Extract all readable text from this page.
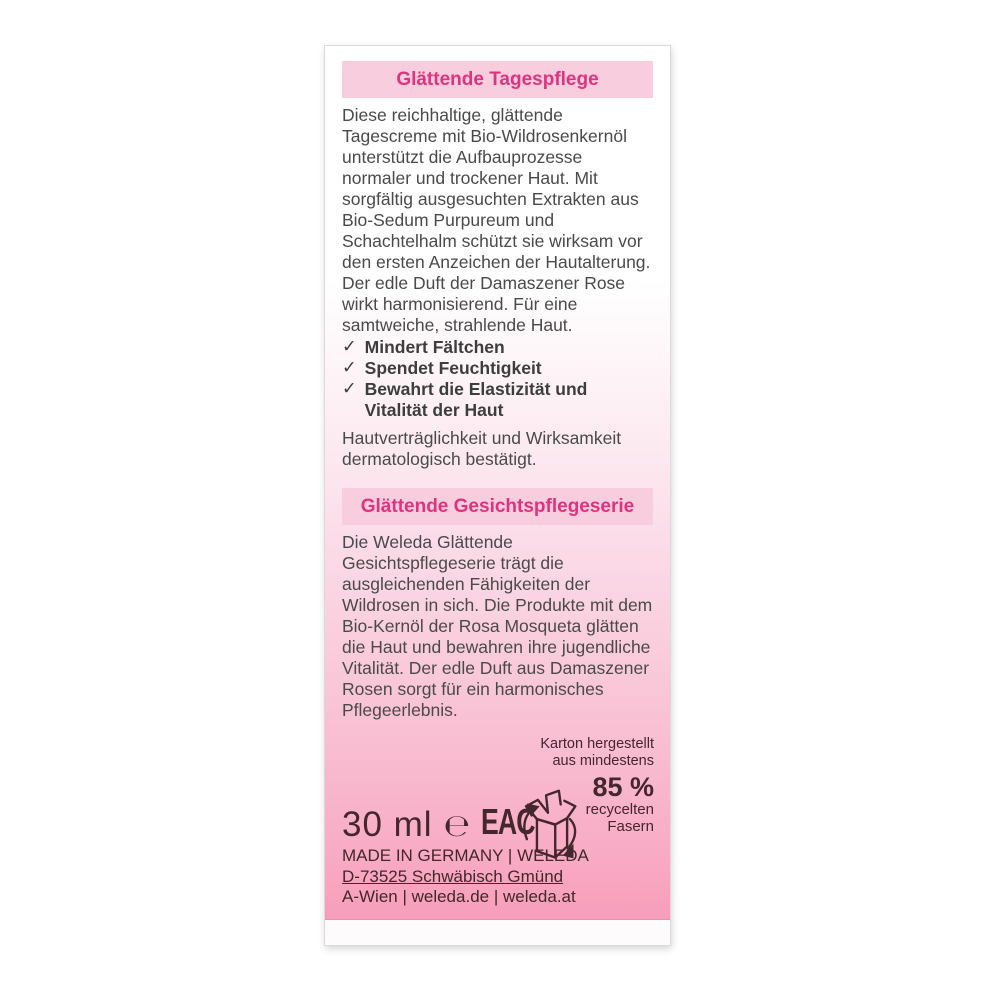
Glättende Tagespflege

Diese reichhaltige, glättende Tagescreme mit Bio-Wildrosenkernöl unterstützt die Aufbauprozesse normaler und trockener Haut. Mit sorgfältig ausgesuchten Extrakten aus Bio-Sedum Purpureum und Schachtelhalm schützt sie wirksam vor den ersten Anzeichen der Hautalterung. Der edle Duft der Damaszener Rose wirkt harmonisierend. Für eine samtweiche, strahlende Haut.

✓ Mindert Fältchen
✓ Spendet Feuchtigkeit
✓ Bewahrt die Elastizität und Vitalität der Haut

Hautverträglichkeit und Wirksamkeit dermatologisch bestätigt.

Glättende Gesichtspflegeserie

Die Weleda Glättende Gesichtspflegeserie trägt die ausgleichenden Fähigkeiten der Wildrosen in sich. Die Produkte mit dem Bio-Kernöl der Rosa Mosqueta glätten die Haut und bewahren ihre jugendliche Vitalität. Der edle Duft aus Damaszener Rosen sorgt für ein harmonisches Pflegeerlebnis.

Karton hergestellt
aus mindestens
85 %
recycelten
Fasern
30 ml ℮ EAC
MADE IN GERMANY | WELEDA
D-73525 Schwäbisch Gmünd
A-Wien | weleda.de | weleda.at
